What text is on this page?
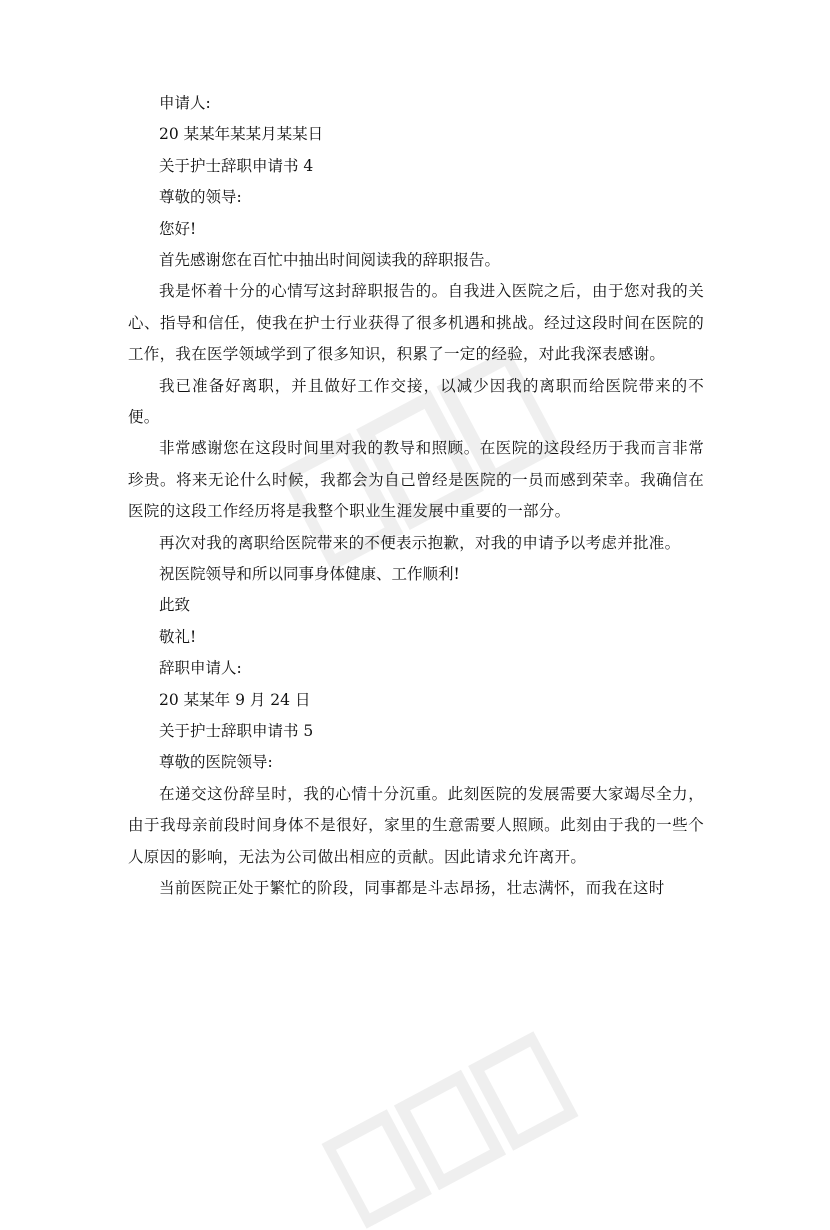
申请人:
20 某某年某某月某某日
关于护士辞职申请书 4
尊敬的领导:
您好!
首先感谢您在百忙中抽出时间阅读我的辞职报告。
我是怀着十分的心情写这封辞职报告的。自我进入医院之后，由于您对我的关心、指导和信任，使我在护士行业获得了很多机遇和挑战。经过这段时间在医院的工作，我在医学领域学到了很多知识，积累了一定的经验，对此我深表感谢。
我已准备好离职，并且做好工作交接，以减少因我的离职而给医院带来的不便。
非常感谢您在这段时间里对我的教导和照顾。在医院的这段经历于我而言非常珍贵。将来无论什么时候，我都会为自己曾经是医院的一员而感到荣幸。我确信在医院的这段工作经历将是我整个职业生涯发展中重要的一部分。
再次对我的离职给医院带来的不便表示抱歉，对我的申请予以考虑并批准。
祝医院领导和所以同事身体健康、工作顺利!
此致
敬礼!
辞职申请人:
20 某某年 9 月 24 日
关于护士辞职申请书 5
尊敬的医院领导:
在递交这份辞呈时，我的心情十分沉重。此刻医院的发展需要大家竭尽全力，由于我母亲前段时间身体不是很好，家里的生意需要人照顾。此刻由于我的一些个人原因的影响，无法为公司做出相应的贡献。因此请求允许离开。
当前医院正处于繁忙的阶段，同事都是斗志昂扬，壮志满怀，而我在这时
